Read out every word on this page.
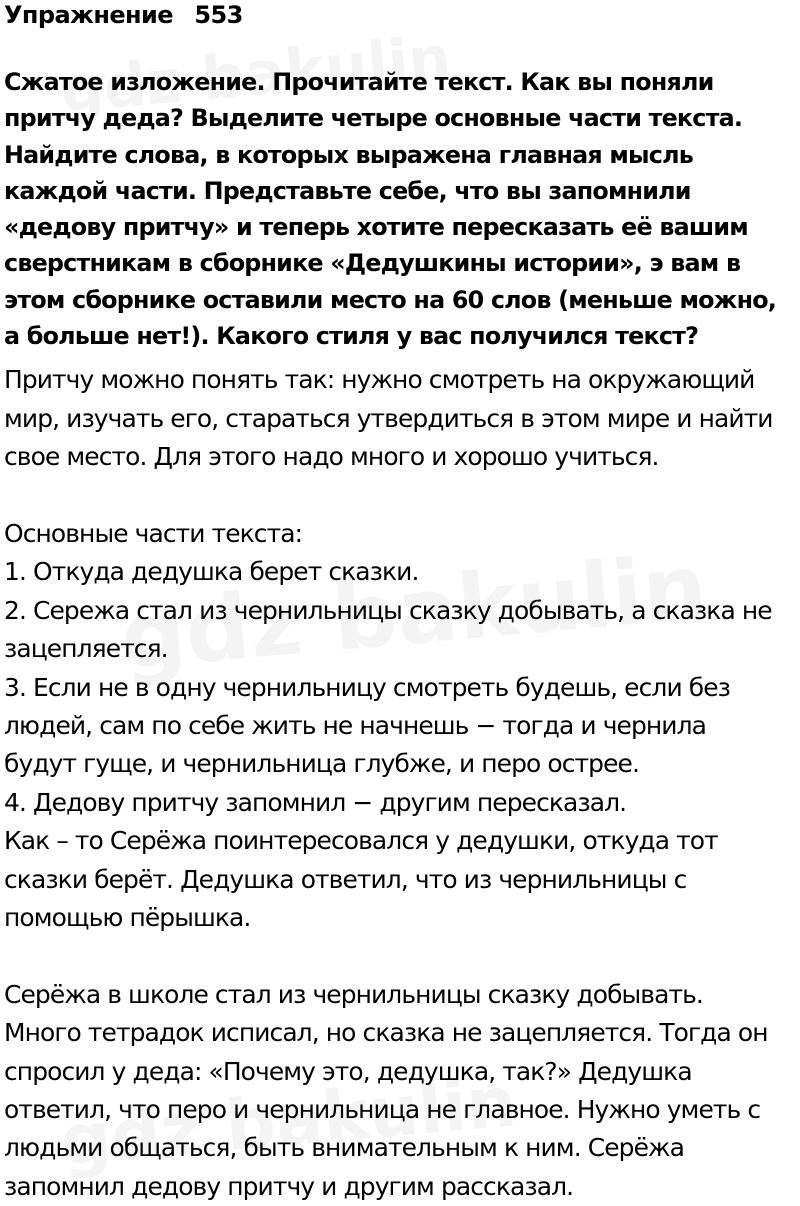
Упражнение  553
Сжатое изложение. Прочитайте текст. Как вы поняли
притчу деда? Выделите четыре основные части текста.
Найдите слова, в которых выражена главная мысль
каждой части. Представьте себе, что вы запомнили
«дедову притчу» и теперь хотите пересказать её вашим
сверстникам в сборнике «Дедушкины истории», э вам в
этом сборнике оставили место на 60 слов (меньше можно,
а больше нет!). Какого стиля у вас получился текст?
Притчу можно понять так: нужно смотреть на окружающий
мир, изучать его, стараться утвердиться в этом мире и найти
свое место. Для этого надо много и хорошо учиться.
Основные части текста:
1. Откуда дедушка берет сказки.
2. Сережа стал из чернильницы сказку добывать, а сказка не
зацепляется.
3. Если не в одну чернильницу смотреть будешь, если без
людей, сам по себе жить не начнешь − тогда и чернила
будут гуще, и чернильница глубже, и перо острее.
4. Дедову притчу запомнил − другим пересказал.
Как – то Серёжа поинтересовался у дедушки, откуда тот
сказки берёт. Дедушка ответил, что из чернильницы с
помощью пёрышка.
Серёжа в школе стал из чернильницы сказку добывать.
Много тетрадок исписал, но сказка не зацепляется. Тогда он
спросил у деда: «Почему это, дедушка, так?» Дедушка
ответил, что перо и чернильница не главное. Нужно уметь с
людьми общаться, быть внимательным к ним. Серёжа
запомнил дедову притчу и другим рассказал.
